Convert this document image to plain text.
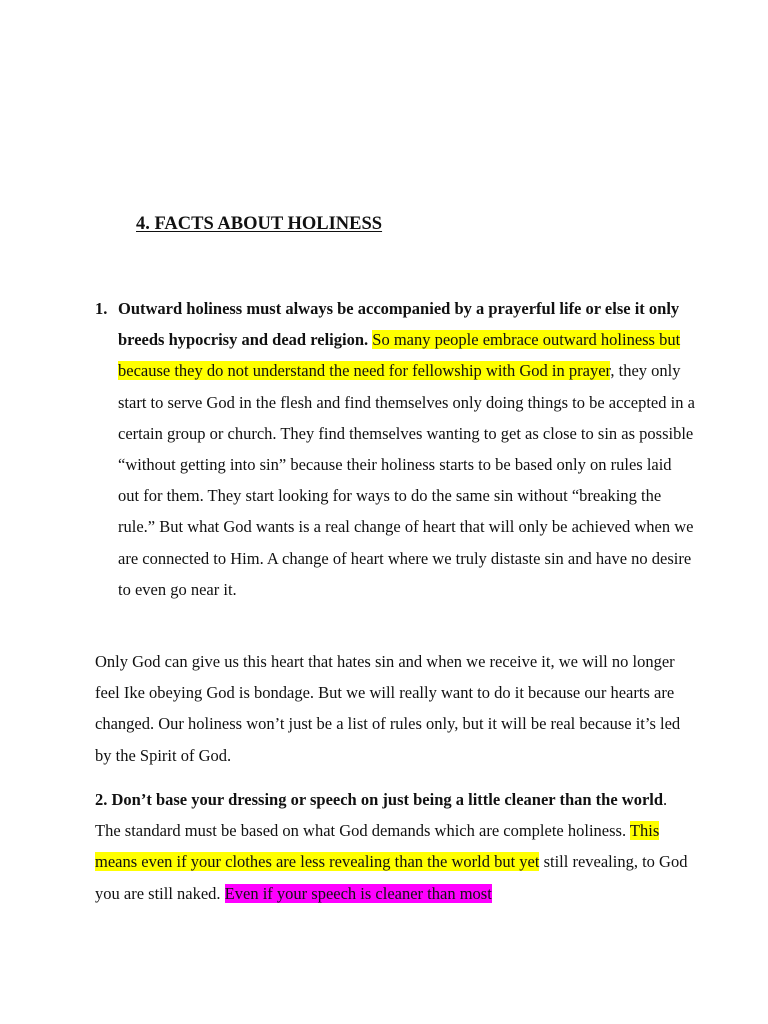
4. FACTS ABOUT HOLINESS
1. Outward holiness must always be accompanied by a prayerful life or else it only breeds hypocrisy and dead religion. So many people embrace outward holiness but because they do not understand the need for fellowship with God in prayer, they only start to serve God in the flesh and find themselves only doing things to be accepted in a certain group or church. They find themselves wanting to get as close to sin as possible “without getting into sin” because their holiness starts to be based only on rules laid out for them. They start looking for ways to do the same sin without “breaking the rule.” But what God wants is a real change of heart that will only be achieved when we are connected to Him. A change of heart where we truly distaste sin and have no desire to even go near it.
Only God can give us this heart that hates sin and when we receive it, we will no longer feel Ike obeying God is bondage. But we will really want to do it because our hearts are changed. Our holiness won’t just be a list of rules only, but it will be real because it’s led by the Spirit of God.
2. Don’t base your dressing or speech on just being a little cleaner than the world. The standard must be based on what God demands which are complete holiness. This means even if your clothes are less revealing than the world but yet still revealing, to God you are still naked. Even if your speech is cleaner than most
